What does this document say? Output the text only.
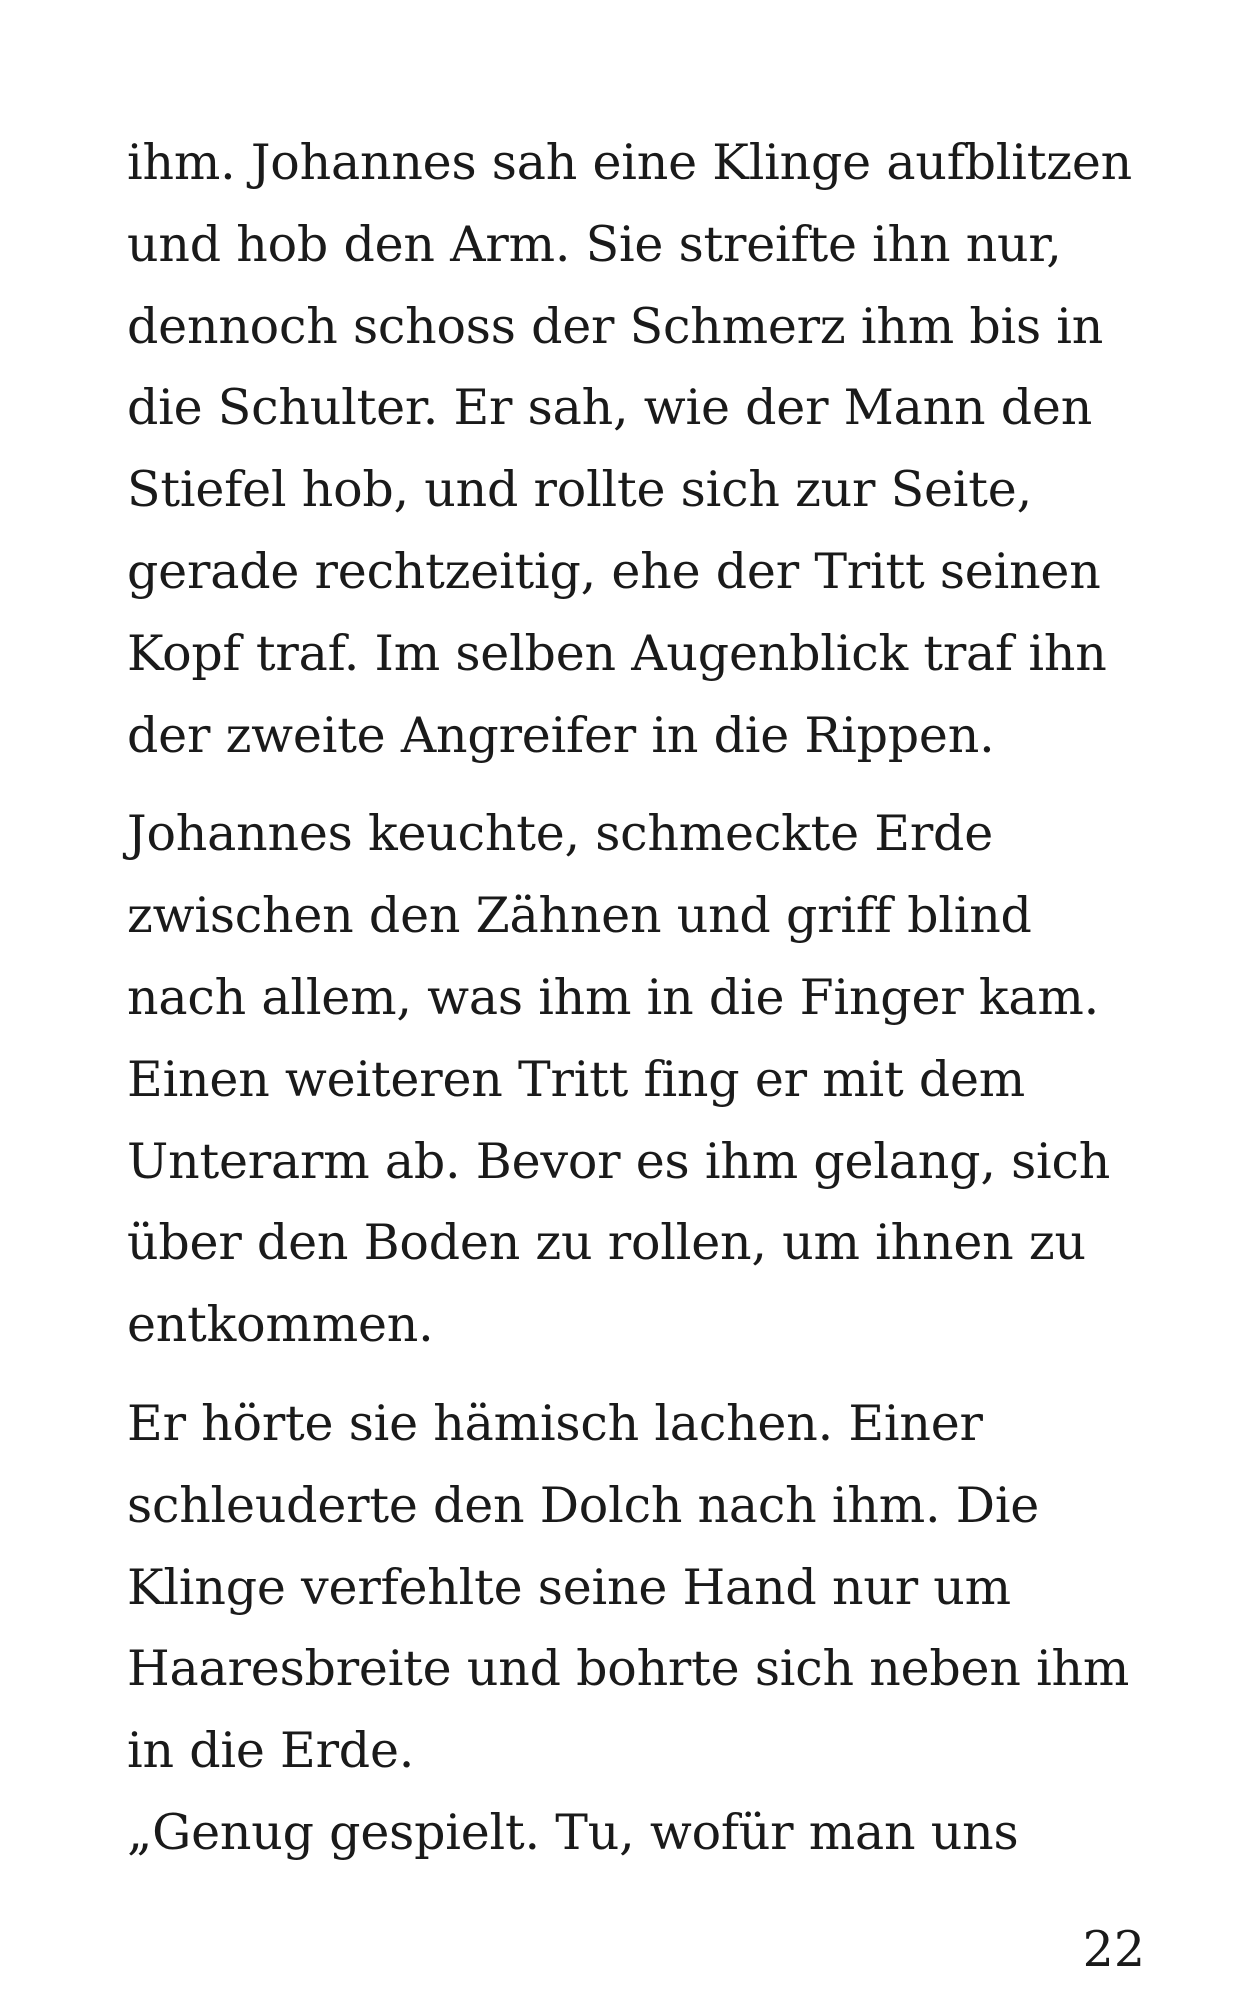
ihm. Johannes sah eine Klinge aufblitzen
und hob den Arm. Sie streifte ihn nur,
dennoch schoss der Schmerz ihm bis in
die Schulter. Er sah, wie der Mann den
Stiefel hob, und rollte sich zur Seite,
gerade rechtzeitig, ehe der Tritt seinen
Kopf traf. Im selben Augenblick traf ihn
der zweite Angreifer in die Rippen.
Johannes keuchte, schmeckte Erde
zwischen den Zähnen und griff blind
nach allem, was ihm in die Finger kam.
Einen weiteren Tritt fing er mit dem
Unterarm ab. Bevor es ihm gelang, sich
über den Boden zu rollen, um ihnen zu
entkommen.
Er hörte sie hämisch lachen. Einer
schleuderte den Dolch nach ihm. Die
Klinge verfehlte seine Hand nur um
Haaresbreite und bohrte sich neben ihm
in die Erde.
„Genug gespielt. Tu, wofür man uns
22
